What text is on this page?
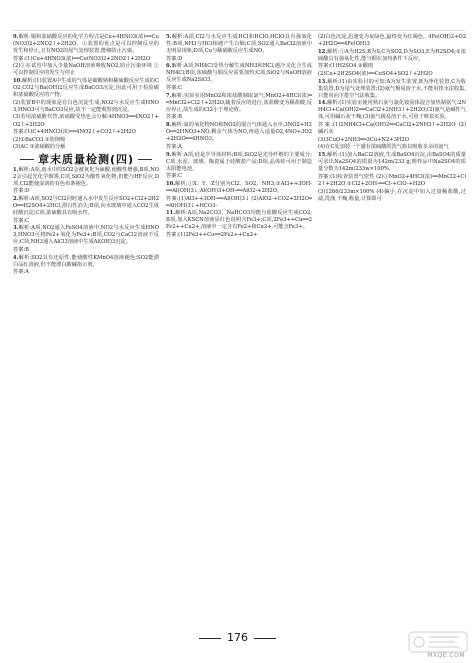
9.解析:铜和浓硝酸反应的化学方程式是Cu+4HNO3(浓)══Cu(NO3)2+2NO2↑+2H2O。①装置的优点是可以控制反应的发生和停止,且有NO2的尾气处理装置,能够防止污染。

答案:(1)Cu+4HNO3(浓)══Cu(NO3)2+2NO2↑+2H2O

(2)①在试管中加入少量NaOH溶液吸收NO2,防止污染环境 ②可以控制反应的发生与停止

10.解析:(1)装置A中生成的气体是碳酸钠和稀硫酸反应生成的CO2,CO2与Ba(OH)2反应生成BaCO3沉淀,因此可用于检验碳和浓硝酸反应的产物。

(2)装置B中的现象是有白色沉淀生成,NO2与水反应生成HNO3,HNO3可与BaCO3反应,故不一定能观察到沉淀。

(3)若用浓硝酸代替,浓硝酸受热也会分解:4HNO3══4NO2↑+O2↑+2H2O

答案:(1)C+4HNO3(浓)══4NO2↑+CO2↑+2H2O

(2)①BaCO3 ②防倒吸

(3)AC ③浓硝酸的分解

章末质量检测(四)

1.解析:A项,雨水中的SO2会被氧化为硫酸,使酸性增强,B项,NO2会引起光化学烟雾,C项,SiO2为酸性氧化物,但能与HF反应,D项,Cl2能使湿润的有色布条褪色。

答案:D

2.解析:A项,SO2与Cl2同时通入水中发生反应SO2+Cl2+2H2O══H2SO4+2HCl,漂白性消失;B项,向水玻璃中通入CO2生成硅酸沉淀;C项,浓硫酸具有吸水性。

答案:C

3.解析:A项,NO2通入FeSO4溶液中,NO2与水反应生成HNO3,HNO3可将Fe2+氧化为Fe3+;B项,CO2与CaCl2溶液不反应;C项,NH3通入AlCl3溶液中生成Al(OH)3沉淀。

答案:B

4.解析:SO2具有还原性,能使酸性KMnO4溶液褪色;SO2能漂白品红溶液,但不能漂白酸碱指示剂。

答案:A

5.解析:A项,Cl2与水反应生成HCl和HClO,HClO具有强氧化性;B项,NH3与HCl相遇产生白烟;C项,SO2通入BaCl2溶液中无明显现象;D项,Cu与稀硝酸反应生成NO。

答案:D

6.解析:A项,NH4Cl受热分解生成NH3和HCl,遇冷又化合生成NH4Cl;B项,浓硫酸与铜反应需要加热;C项,SiO2与NaOH溶液反应生成Na2SiO3。

答案:C

7.解析:实验室用MnO2和浓盐酸制取氯气,MnO2+4HCl(浓)══MnCl2+Cl2↑+2H2O,随着反应的进行,浓盐酸变为稀盐酸,反应停止,故生成的Cl2小于理论值。

答案:B

8.解析:氮的氧化物NO和NO2的混合气体通入水中,3NO2+H2O══2HNO3+NO,剩余气体为NO,再通入适量O2,4NO+3O2+2H2O══4HNO3。

答案:A

9.解析:A项,硅是半导体材料;B项,SiO2是光导纤维的主要成分;C项,水泥、玻璃、陶瓷属于硅酸盐产品;D项,晶体硅可用于制造太阳能电池。

答案:C

10.解析:①X、Y、Z分别为Cl2、SO2、NH3;②Al3++3OH-══Al(OH)3↓;Al(OH)3+OH-══AlO2-+2H2O。

答案:(1)Al3++3OH-══Al(OH)3↓ (2)AlO2-+CO2+2H2O══Al(OH)3↓+HCO3-

11.解析:A项,Na2CO3、NaHCO3均能与盐酸反应生成CO2;B项,加入KSCN溶液显红色说明含Fe3+;C项,2Fe3++Cu══2Fe2++Cu2+,溶液中一定含有Fe2+和Cu2+,可能含Fe3+。

答案:(1)2Fe3++Cu══2Fe2++Cu2+

(2)白色沉淀,迅速变为灰绿色,最终变为红褐色。4Fe(OH)2+O2+2H2O══4Fe(OH)3

12.解析:①A为H2S,B为S,C为SO2,D为SO3,E为H2SO4;②浓硫酸具有强氧化性,能与铜在加热条件下反应。

答案:(1)H2SO4 ②酸雨

(2)Cu+2H2SO4(浓)══CuSO4+SO2↑+2H2O

13.解析:(1)由实验目的可知:A为发生装置,B为净化装置,C为收集装置,D为尾气处理装置;(2)氨气极易溶于水,不能用排水法收集,只能用向下排空气法收集。

14.解析:(1)实验室使用熟石灰与氯化铵固体混合加热制氨气:2NH4Cl+Ca(OH)2══CaCl2+2NH3↑+2H2O;(2)氨气是碱性气体,可用碱石灰干燥;(3)氨气极易溶于水,可用于喷泉实验。

答案:(1)2NH4Cl+Ca(OH)2══CaCl2+2NH3↑+2H2O (2)碱石灰

(3)3CuO+2NH3══3Cu+N2+3H2O

(4)在C处加装一个盛有浓硫酸的洗气瓶以吸收多余的氨气

15.解析:(1)加入BaCl2溶液,生成BaSO4沉淀,由BaSO4的质量可求出Na2SO4的质量为142m/233 g,则样品中Na2SO4的质量分数为142m/233w×100%。

答案:(1)检查装置气密性 (2)①MnO2+4HCl(浓)══MnCl2+Cl2↑+2H2O ②Cl2+2OH-══Cl-+ClO-+H2O

(3)1266/233m×100% (4)偏小,在沉淀中加入过量稀盐酸,过滤,洗涤,干燥,称量,计算即可

176
MXQE.COM
